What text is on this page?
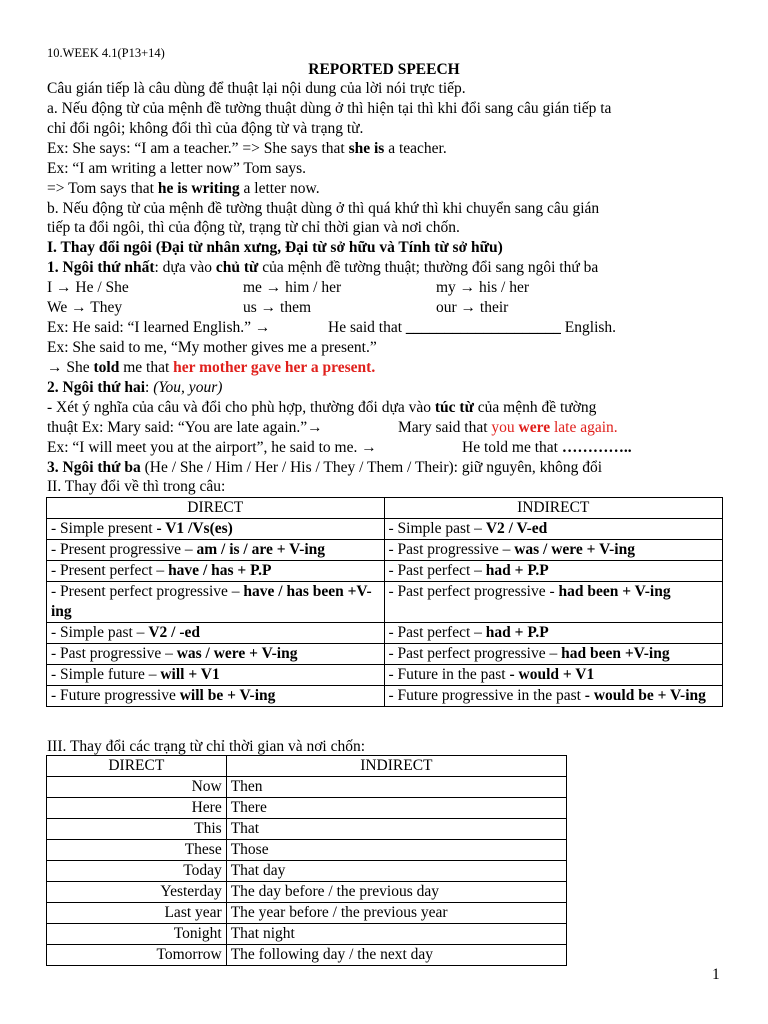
10.WEEK 4.1(P13+14)
REPORTED SPEECH
Câu gián tiếp là câu dùng để thuật lại nội dung của lời nói trực tiếp.
a. Nếu động từ của mệnh đề tường thuật dùng ở thì hiện tại thì khi đổi sang câu gián tiếp ta
chỉ đổi ngôi; không đổi thì của động từ và trạng từ.
Ex: She says: “I am a teacher.” => She says that she is a teacher.
Ex: “I am writing a letter now” Tom says.
=> Tom says that he is writing a letter now.
b. Nếu động từ của mệnh đề tường thuật dùng ở thì quá khứ thì khi chuyển sang câu gián
tiếp ta đổi ngôi, thì của động từ, trạng từ chỉ thời gian và nơi chốn.
I. Thay đổi ngôi (Đại từ nhân xưng, Đại từ sở hữu và Tính từ sở hữu)
1. Ngôi thứ nhất: dựa vào chủ từ của mệnh đề tường thuật; thường đổi sang ngôi thứ ba
I → He / She	me → him / her	my → his / her
We → They	us → them	our → their
Ex: He said: “I learned English.” →	He said that ____________________ English.
Ex: She said to me, “My mother gives me a present.”
→ She told me that her mother gave her a present.
2. Ngôi thứ hai: (You, your)
- Xét ý nghĩa của câu và đổi cho phù hợp, thường đổi dựa vào túc từ của mệnh đề tường
thuật Ex: Mary said: “You are late again.”→	Mary said that you were late again.
Ex: “I will meet you at the airport”, he said to me. →	He told me that …………..
3. Ngôi thứ ba (He / She / Him / Her / His / They / Them / Their): giữ nguyên, không đổi
II. Thay đổi về thì trong câu:
DIRECT	INDIRECT
- Simple present - V1 /Vs(es)	- Simple past – V2 / V-ed
- Present progressive – am / is / are + V-ing	- Past progressive – was / were + V-ing
- Present perfect – have / has + P.P	- Past perfect – had + P.P
- Present perfect progressive – have / has been +V-ing	- Past perfect progressive - had been + V-ing
- Simple past – V2 / -ed	- Past perfect – had + P.P
- Past progressive – was / were + V-ing	- Past perfect progressive – had been +V-ing
- Simple future – will + V1	- Future in the past - would + V1
- Future progressive will be + V-ing	- Future progressive in the past - would be + V-ing
III. Thay đổi các trạng từ chỉ thời gian và nơi chốn:
DIRECT	INDIRECT
Now	Then
Here	There
This	That
These	Those
Today	That day
Yesterday	The day before / the previous day
Last year	The year before / the previous year
Tonight	That night
Tomorrow	The following day / the next day
1
